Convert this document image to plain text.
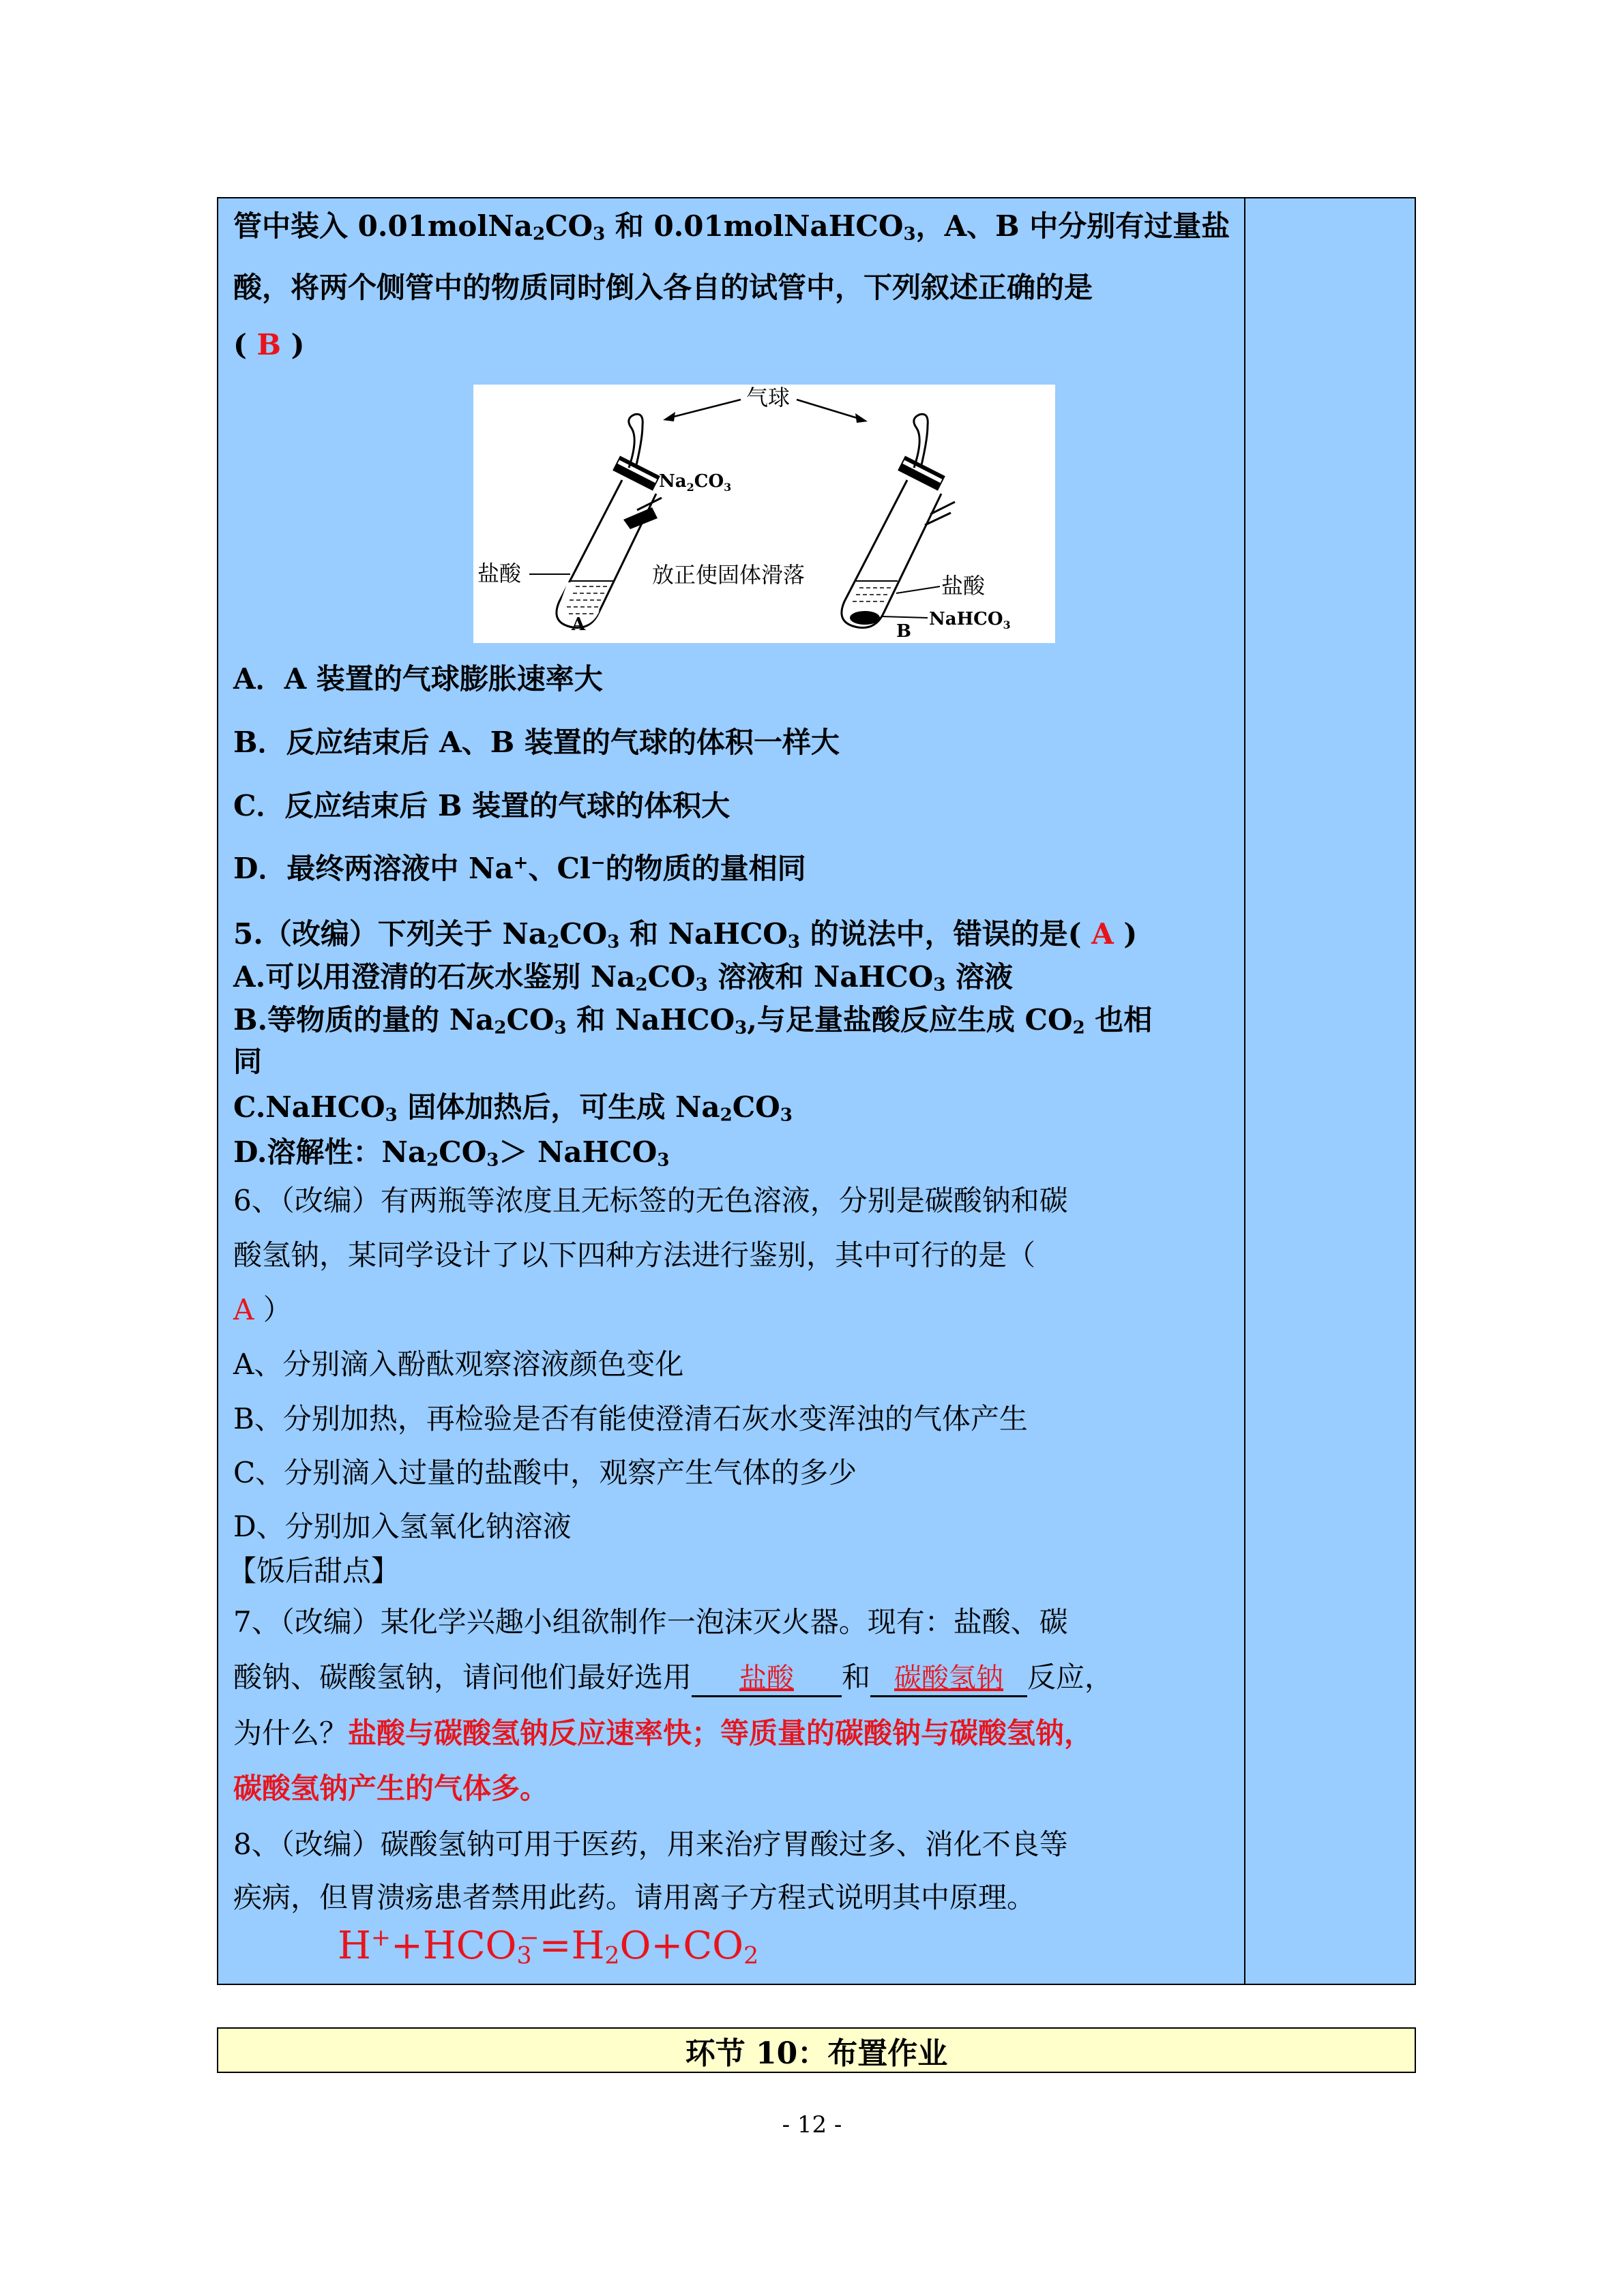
管中装入 $0.01molNa_2CO_3$ 和 0.01molNaHCO$_3$，A、B 中分别有过量盐
酸，将两个侧管中的物质同时倒入各自的试管中，下列叙述正确的是
( B )
气球
$Na_2CO_3$
盐酸
A
放正使固体滑落	盐酸
NaHCO$_3$
B
A．A 装置的气球膨胀速率大
B．反应结束后 A、B 装置的气球的体积一样大
C．反应结束后 B 装置的气球的体积大
D．最终两溶液中 Na+、Cl−的物质的量相同
5.（改编）下列关于 $Na_2CO_3$ 和 NaHCO$_3$ 的说法中，错误的是( A )
A.可以用澄清的石灰水鉴别 $Na_2CO_3$ 溶液和 NaHCO$_3$ 溶液
B.等物质的量的 $Na_2CO_3$ 和 NaHCO$_3$,与足量盐酸反应生成 $CO_2$ 也相
同
C.NaHCO$_3$ 固体加热后，可生成 $Na_2CO_3$
D.溶解性：$Na_2CO_3>$ NaHCO$_3$
6、（改编）有两瓶等浓度且无标签的无色溶液，分别是碳酸钠和碳
酸氢钠，某同学设计了以下四种方法进行鉴别，其中可行的是（
A ）
A、分别滴入酚酞观察溶液颜色变化
B、分别加热，再检验是否有能使澄清石灰水变浑浊的气体产生
C、分别滴入过量的盐酸中，观察产生气体的多少
D、分别加入氢氧化钠溶液
【饭后甜点】
7、（改编）某化学兴趣小组欲制作一泡沫灭火器。现有：盐酸、碳
酸钠、碳酸氢钠，请问他们最好选用 盐酸 和 碳酸氢钠 反应，
为什么？盐酸与碳酸氢钠反应速率快；等质量的碳酸钠与碳酸氢钠，
碳酸氢钠产生的气体多。
8、（改编）碳酸氢钠可用于医药，用来治疗胃酸过多、消化不良等
疾病，但胃溃疡患者禁用此药。请用离子方程式说明其中原理。
$H^++HCO_3^-=H_2O+CO_2$
环节 10：布置作业
- 12 -
